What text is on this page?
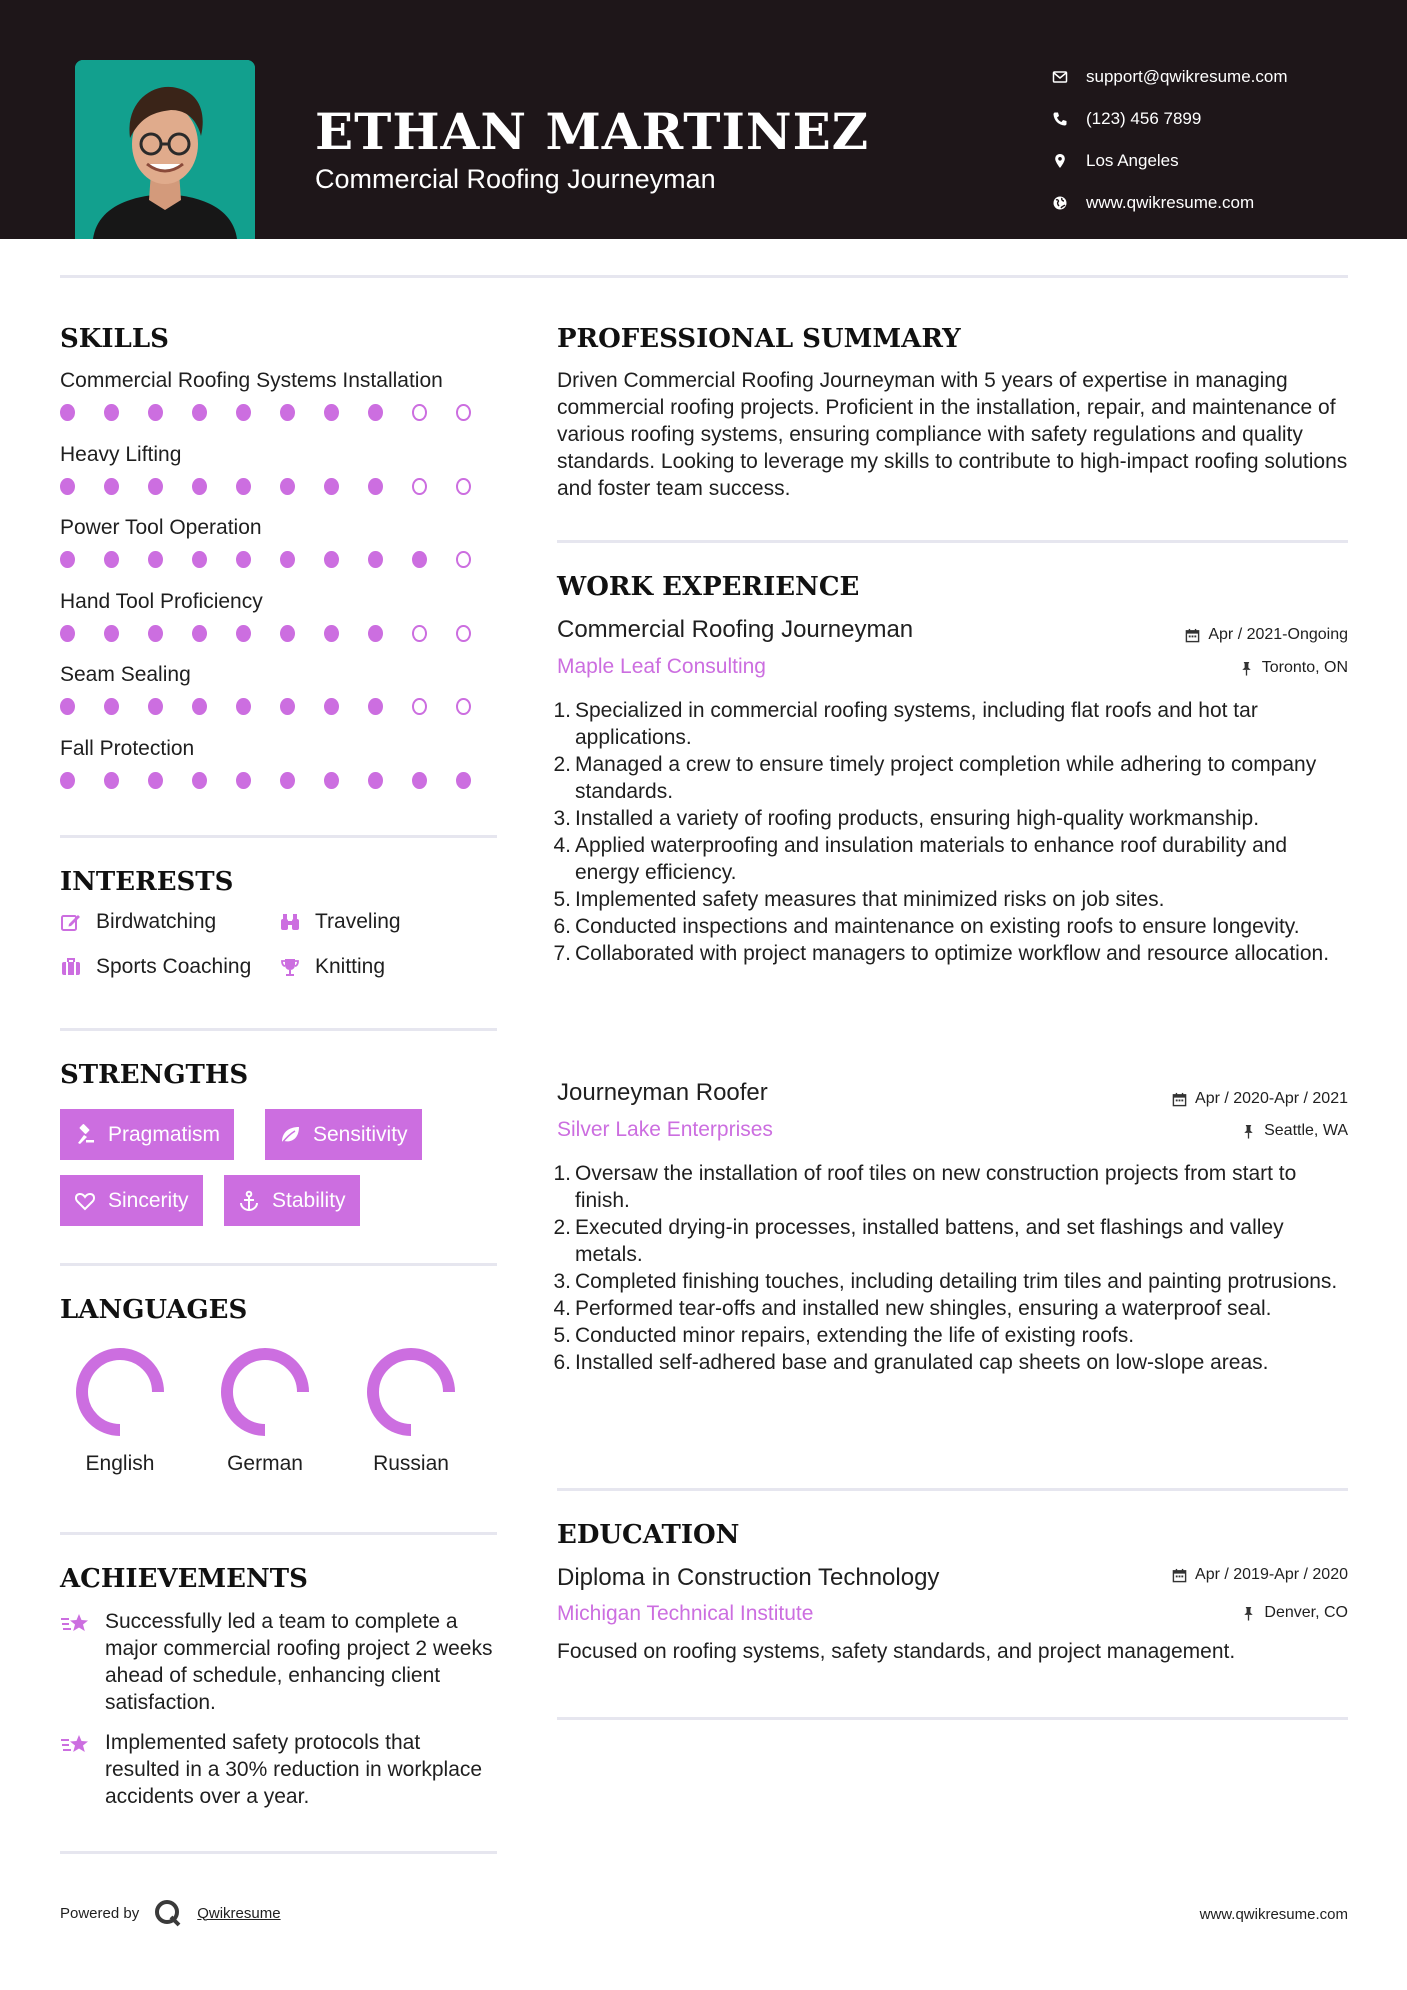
ETHAN MARTINEZ
Commercial Roofing Journeyman
support@qwikresume.com
(123) 456 7899
Los Angeles
www.qwikresume.com
SKILLS
Commercial Roofing Systems Installation
Heavy Lifting
Power Tool Operation
Hand Tool Proficiency
Seam Sealing
Fall Protection
INTERESTS
Birdwatching	Traveling
Sports Coaching	Knitting
STRENGTHS
Pragmatism	Sensitivity
Sincerity	Stability
LANGUAGES
English	German	Russian
ACHIEVEMENTS
Successfully led a team to complete a major commercial roofing project 2 weeks ahead of schedule, enhancing client satisfaction.
Implemented safety protocols that resulted in a 30% reduction in workplace accidents over a year.
PROFESSIONAL SUMMARY
Driven Commercial Roofing Journeyman with 5 years of expertise in managing commercial roofing projects. Proficient in the installation, repair, and maintenance of various roofing systems, ensuring compliance with safety regulations and quality standards. Looking to leverage my skills to contribute to high-impact roofing solutions and foster team success.
WORK EXPERIENCE
Commercial Roofing Journeyman	Apr / 2021-Ongoing
Maple Leaf Consulting	Toronto, ON
1. Specialized in commercial roofing systems, including flat roofs and hot tar applications.
2. Managed a crew to ensure timely project completion while adhering to company standards.
3. Installed a variety of roofing products, ensuring high-quality workmanship.
4. Applied waterproofing and insulation materials to enhance roof durability and energy efficiency.
5. Implemented safety measures that minimized risks on job sites.
6. Conducted inspections and maintenance on existing roofs to ensure longevity.
7. Collaborated with project managers to optimize workflow and resource allocation.
Journeyman Roofer	Apr / 2020-Apr / 2021
Silver Lake Enterprises	Seattle, WA
1. Oversaw the installation of roof tiles on new construction projects from start to finish.
2. Executed drying-in processes, installed battens, and set flashings and valley metals.
3. Completed finishing touches, including detailing trim tiles and painting protrusions.
4. Performed tear-offs and installed new shingles, ensuring a waterproof seal.
5. Conducted minor repairs, extending the life of existing roofs.
6. Installed self-adhered base and granulated cap sheets on low-slope areas.
EDUCATION
Diploma in Construction Technology	Apr / 2019-Apr / 2020
Michigan Technical Institute	Denver, CO
Focused on roofing systems, safety standards, and project management.
Powered by	Qwikresume	www.qwikresume.com
